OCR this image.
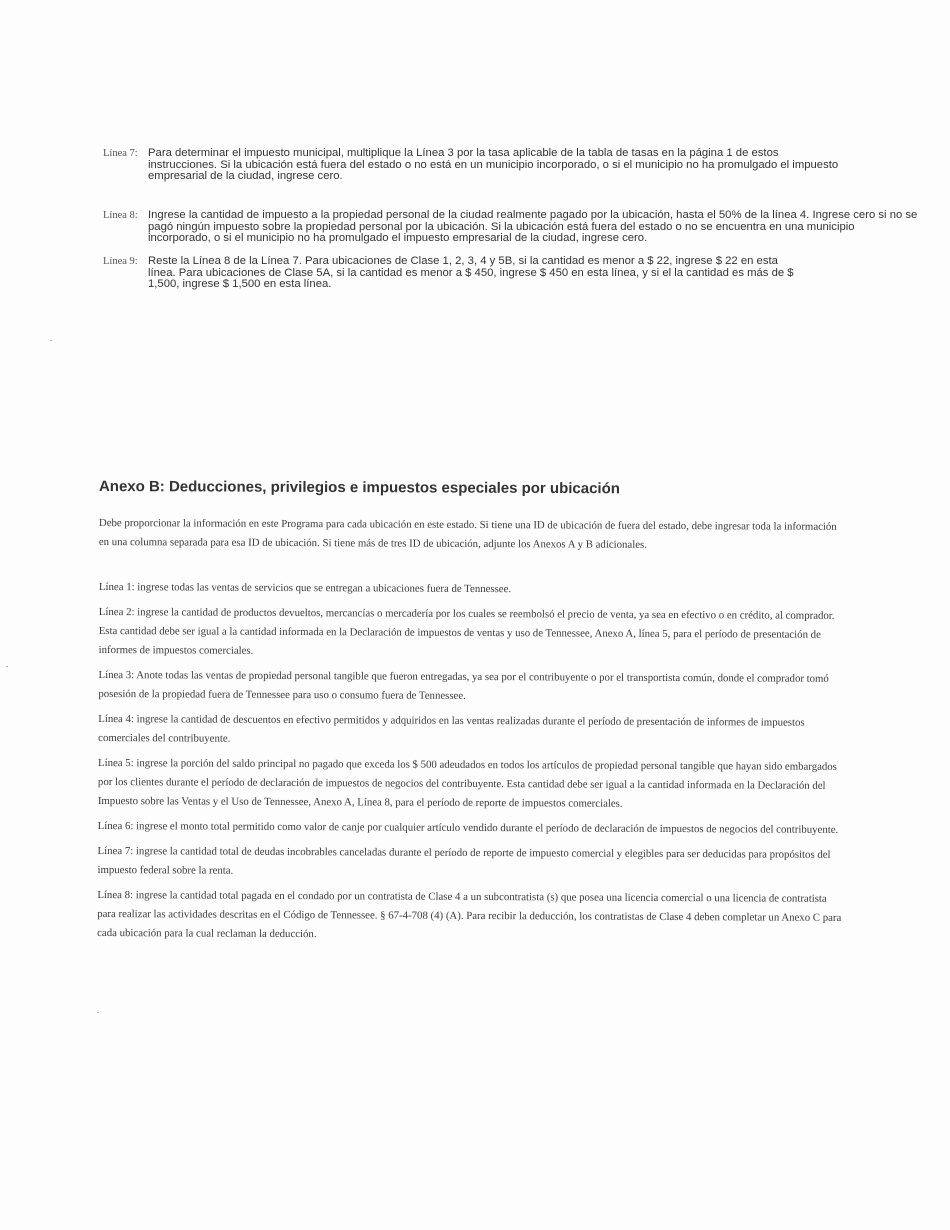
Línea 7: Para determinar el impuesto municipal, multiplique la Línea 3 por la tasa aplicable de la tabla de tasas en la página 1 de estos instrucciones. Si la ubicación está fuera del estado o no está en un municipio incorporado, o si el municipio no ha promulgado el impuesto empresarial de la ciudad, ingrese cero.
Línea 8: Ingrese la cantidad de impuesto a la propiedad personal de la ciudad realmente pagado por la ubicación, hasta el 50% de la línea 4. Ingrese cero si no se pagó ningún impuesto sobre la propiedad personal por la ubicación. Si la ubicación está fuera del estado o no se encuentra en una municipio incorporado, o si el municipio no ha promulgado el impuesto empresarial de la ciudad, ingrese cero.
Línea 9: Reste la Línea 8 de la Línea 7. Para ubicaciones de Clase 1, 2, 3, 4 y 5B, si la cantidad es menor a $ 22, ingrese $ 22 en esta línea. Para ubicaciones de Clase 5A, si la cantidad es menor a $ 450, ingrese $ 450 en esta línea, y si el la cantidad es más de $ 1,500, ingrese $ 1,500 en esta línea.
Anexo B: Deducciones, privilegios e impuestos especiales por ubicación
Debe proporcionar la información en este Programa para cada ubicación en este estado. Si tiene una ID de ubicación de fuera del estado, debe ingresar toda la información en una columna separada para esa ID de ubicación. Si tiene más de tres ID de ubicación, adjunte los Anexos A y B adicionales.

Línea 1: ingrese todas las ventas de servicios que se entregan a ubicaciones fuera de Tennessee.

Línea 2: ingrese la cantidad de productos devueltos, mercancías o mercadería por los cuales se reembolsó el precio de venta, ya sea en efectivo o en crédito, al comprador. Esta cantidad debe ser igual a la cantidad informada en la Declaración de impuestos de ventas y uso de Tennessee, Anexo A, línea 5, para el período de presentación de informes de impuestos comerciales.

Línea 3: Anote todas las ventas de propiedad personal tangible que fueron entregadas, ya sea por el contribuyente o por el transportista común, donde el comprador tomó posesión de la propiedad fuera de Tennessee para uso o consumo fuera de Tennessee.

Línea 4: ingrese la cantidad de descuentos en efectivo permitidos y adquiridos en las ventas realizadas durante el período de presentación de informes de impuestos comerciales del contribuyente.

Línea 5: ingrese la porción del saldo principal no pagado que exceda los $ 500 adeudados en todos los artículos de propiedad personal tangible que hayan sido embargados por los clientes durante el período de declaración de impuestos de negocios del contribuyente. Esta cantidad debe ser igual a la cantidad informada en la Declaración del Impuesto sobre las Ventas y el Uso de Tennessee, Anexo A, Línea 8, para el período de reporte de impuestos comerciales.

Línea 6: ingrese el monto total permitido como valor de canje por cualquier artículo vendido durante el período de declaración de impuestos de negocios del contribuyente.

Línea 7: ingrese la cantidad total de deudas incobrables canceladas durante el período de reporte de impuesto comercial y elegibles para ser deducidas para propósitos del impuesto federal sobre la renta.

Línea 8: ingrese la cantidad total pagada en el condado por un contratista de Clase 4 a un subcontratista (s) que posea una licencia comercial o una licencia de contratista para realizar las actividades descritas en el Código de Tennessee. § 67-4-708 (4) (A). Para recibir la deducción, los contratistas de Clase 4 deben completar un Anexo C para cada ubicación para la cual reclaman la deducción.
